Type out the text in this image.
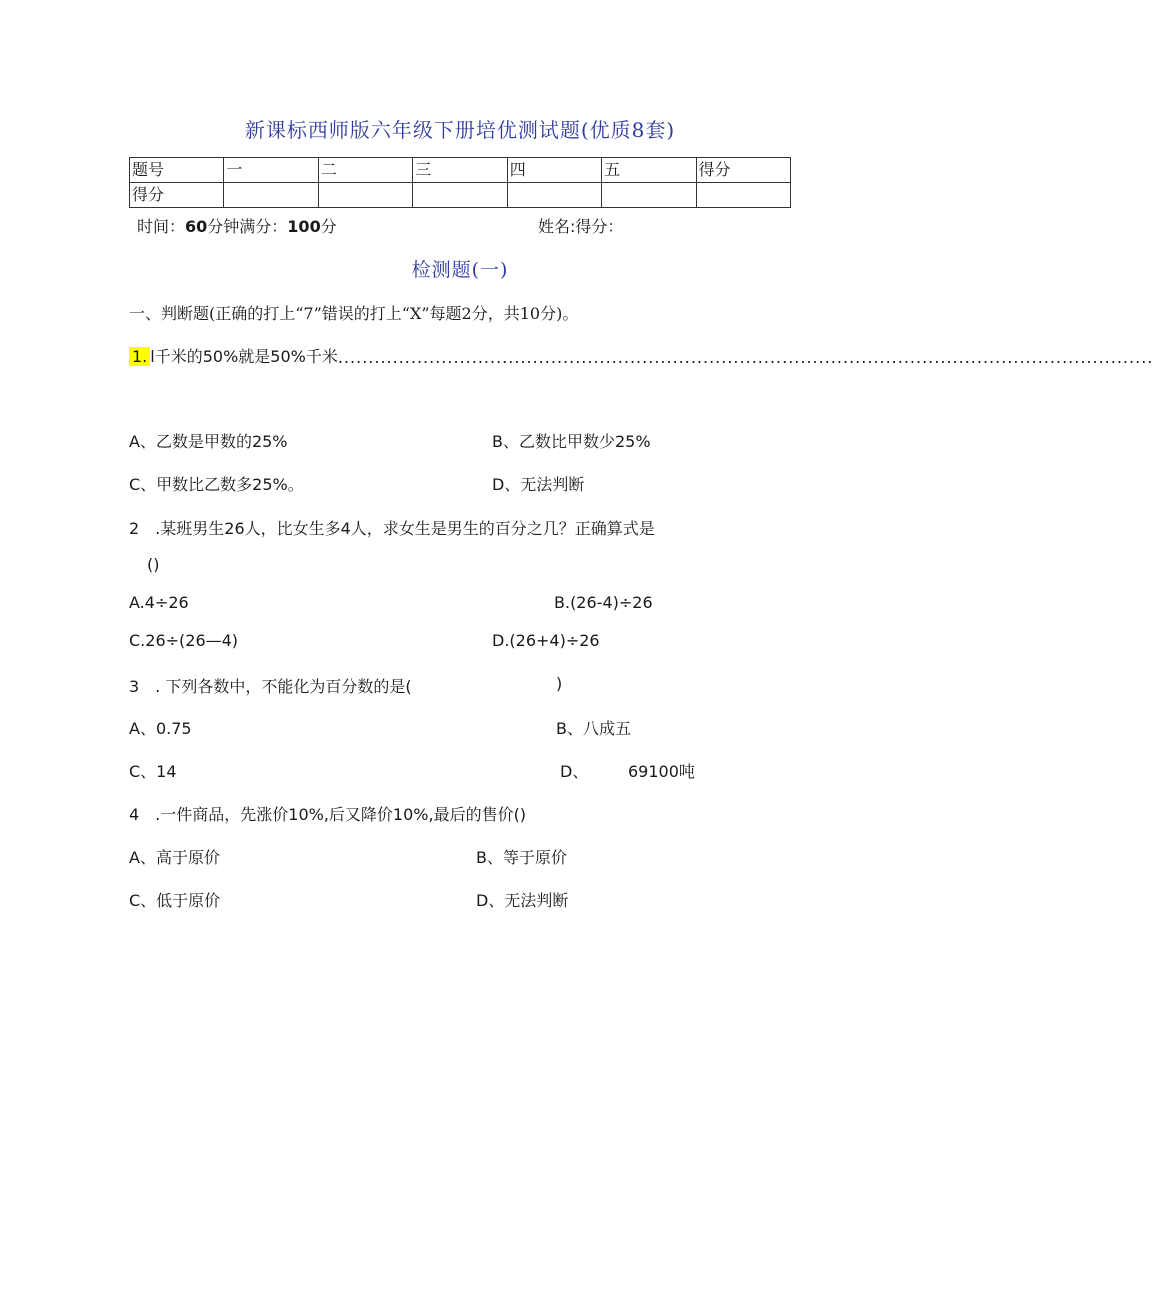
新课标西师版六年级下册培优测试题(优质8套)
题号	一	二	三	四	五	得分
得分						
时间：60分钟满分：100分	姓名:得分：
检测题(一)
一、判断题(正确的打上“7”错误的打上“X”每题2分，共10分)。
1. l千米的50%就是50%千米......................................................................................................................................
A、乙数是甲数的25%	B、乙数比甲数少25%
C、甲数比乙数多25%。	D、无法判断
2　.某班男生26人，比女生多4人，求女生是男生的百分之几？正确算式是
()
A.4÷26	B.(26-4)÷26
C.26÷(26—4)	D.(26+4)÷26
3　. 下列各数中，不能化为百分数的是(	)
A、0.75	B、八成五
C、14	D、 69100吨
4　.一件商品，先涨价10%,后又降价10%,最后的售价()
A、高于原价	B、等于原价
C、低于原价	D、无法判断
